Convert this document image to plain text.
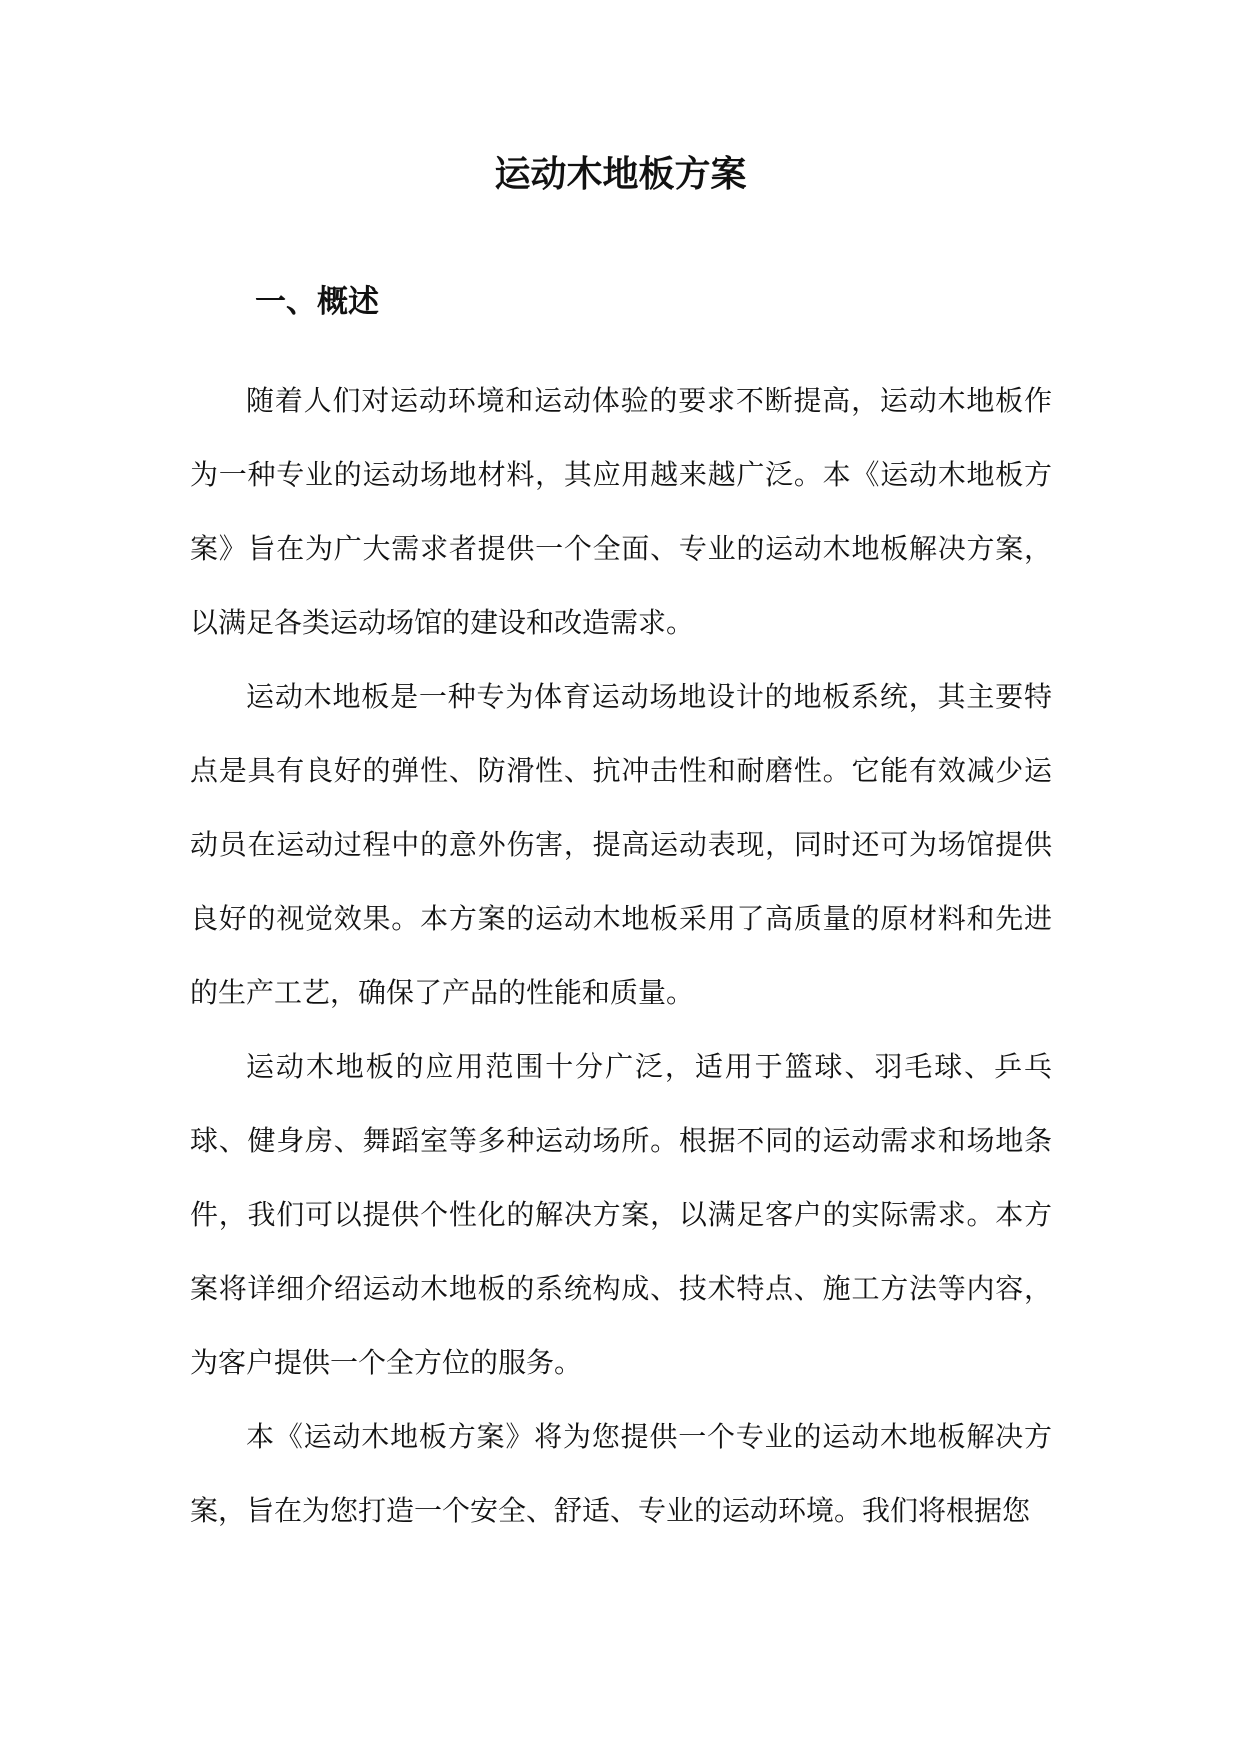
运动木地板方案
一、概述

随着人们对运动环境和运动体验的要求不断提高，运动木地板作为一种专业的运动场地材料，其应用越来越广泛。本《运动木地板方案》旨在为广大需求者提供一个全面、专业的运动木地板解决方案，以满足各类运动场馆的建设和改造需求。

运动木地板是一种专为体育运动场地设计的地板系统，其主要特点是具有良好的弹性、防滑性、抗冲击性和耐磨性。它能有效减少运动员在运动过程中的意外伤害，提高运动表现，同时还可为场馆提供良好的视觉效果。本方案的运动木地板采用了高质量的原材料和先进的生产工艺，确保了产品的性能和质量。

运动木地板的应用范围十分广泛，适用于篮球、羽毛球、乒乓球、健身房、舞蹈室等多种运动场所。根据不同的运动需求和场地条件，我们可以提供个性化的解决方案，以满足客户的实际需求。本方案将详细介绍运动木地板的系统构成、技术特点、施工方法等内容，为客户提供一个全方位的服务。

本《运动木地板方案》将为您提供一个专业的运动木地板解决方案，旨在为您打造一个安全、舒适、专业的运动环境。我们将根据您
